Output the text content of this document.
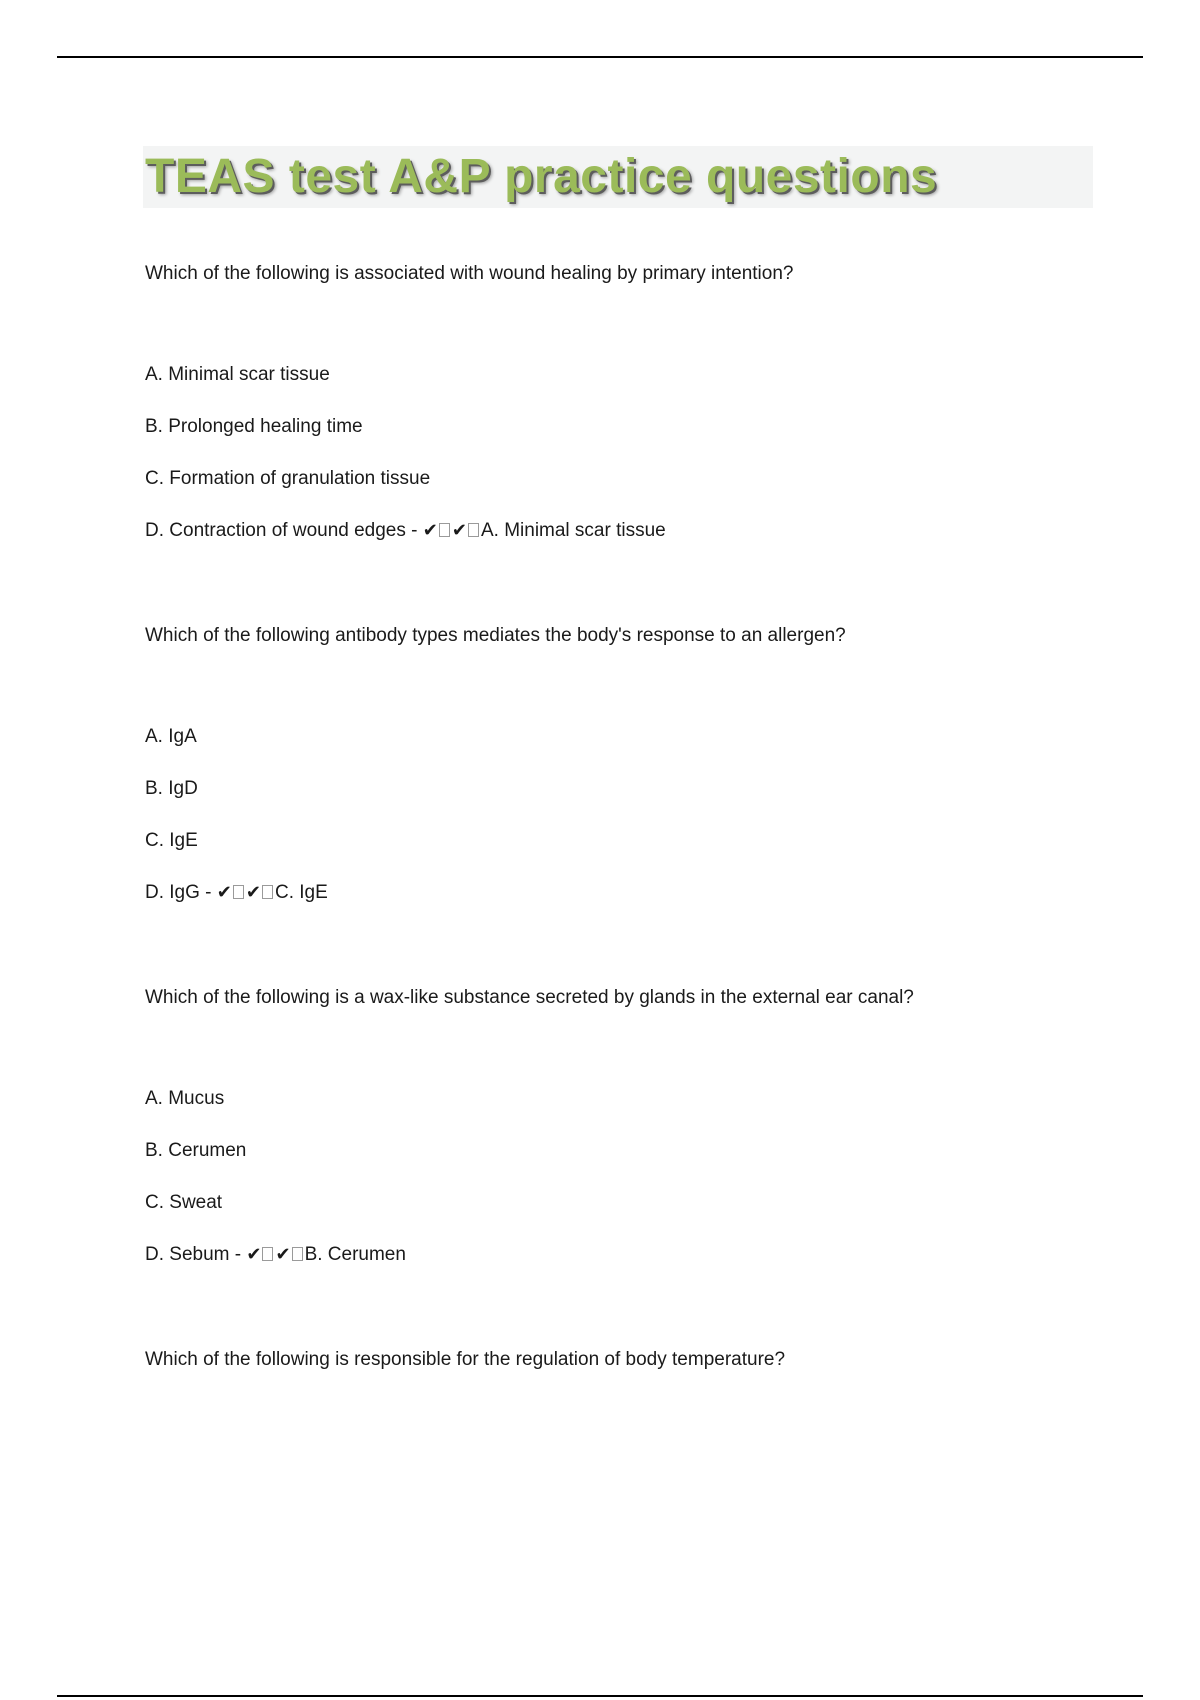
TEAS test A&P practice questions

Which of the following is associated with wound healing by primary intention?

A. Minimal scar tissue

B. Prolonged healing time

C. Formation of granulation tissue

D. Contraction of wound edges - ✔ ✔ A. Minimal scar tissue

Which of the following antibody types mediates the body's response to an allergen?

A. IgA

B. IgD

C. IgE

D. IgG - ✔ ✔ C. IgE

Which of the following is a wax-like substance secreted by glands in the external ear canal?

A. Mucus

B. Cerumen

C. Sweat

D. Sebum - ✔ ✔ B. Cerumen

Which of the following is responsible for the regulation of body temperature?
